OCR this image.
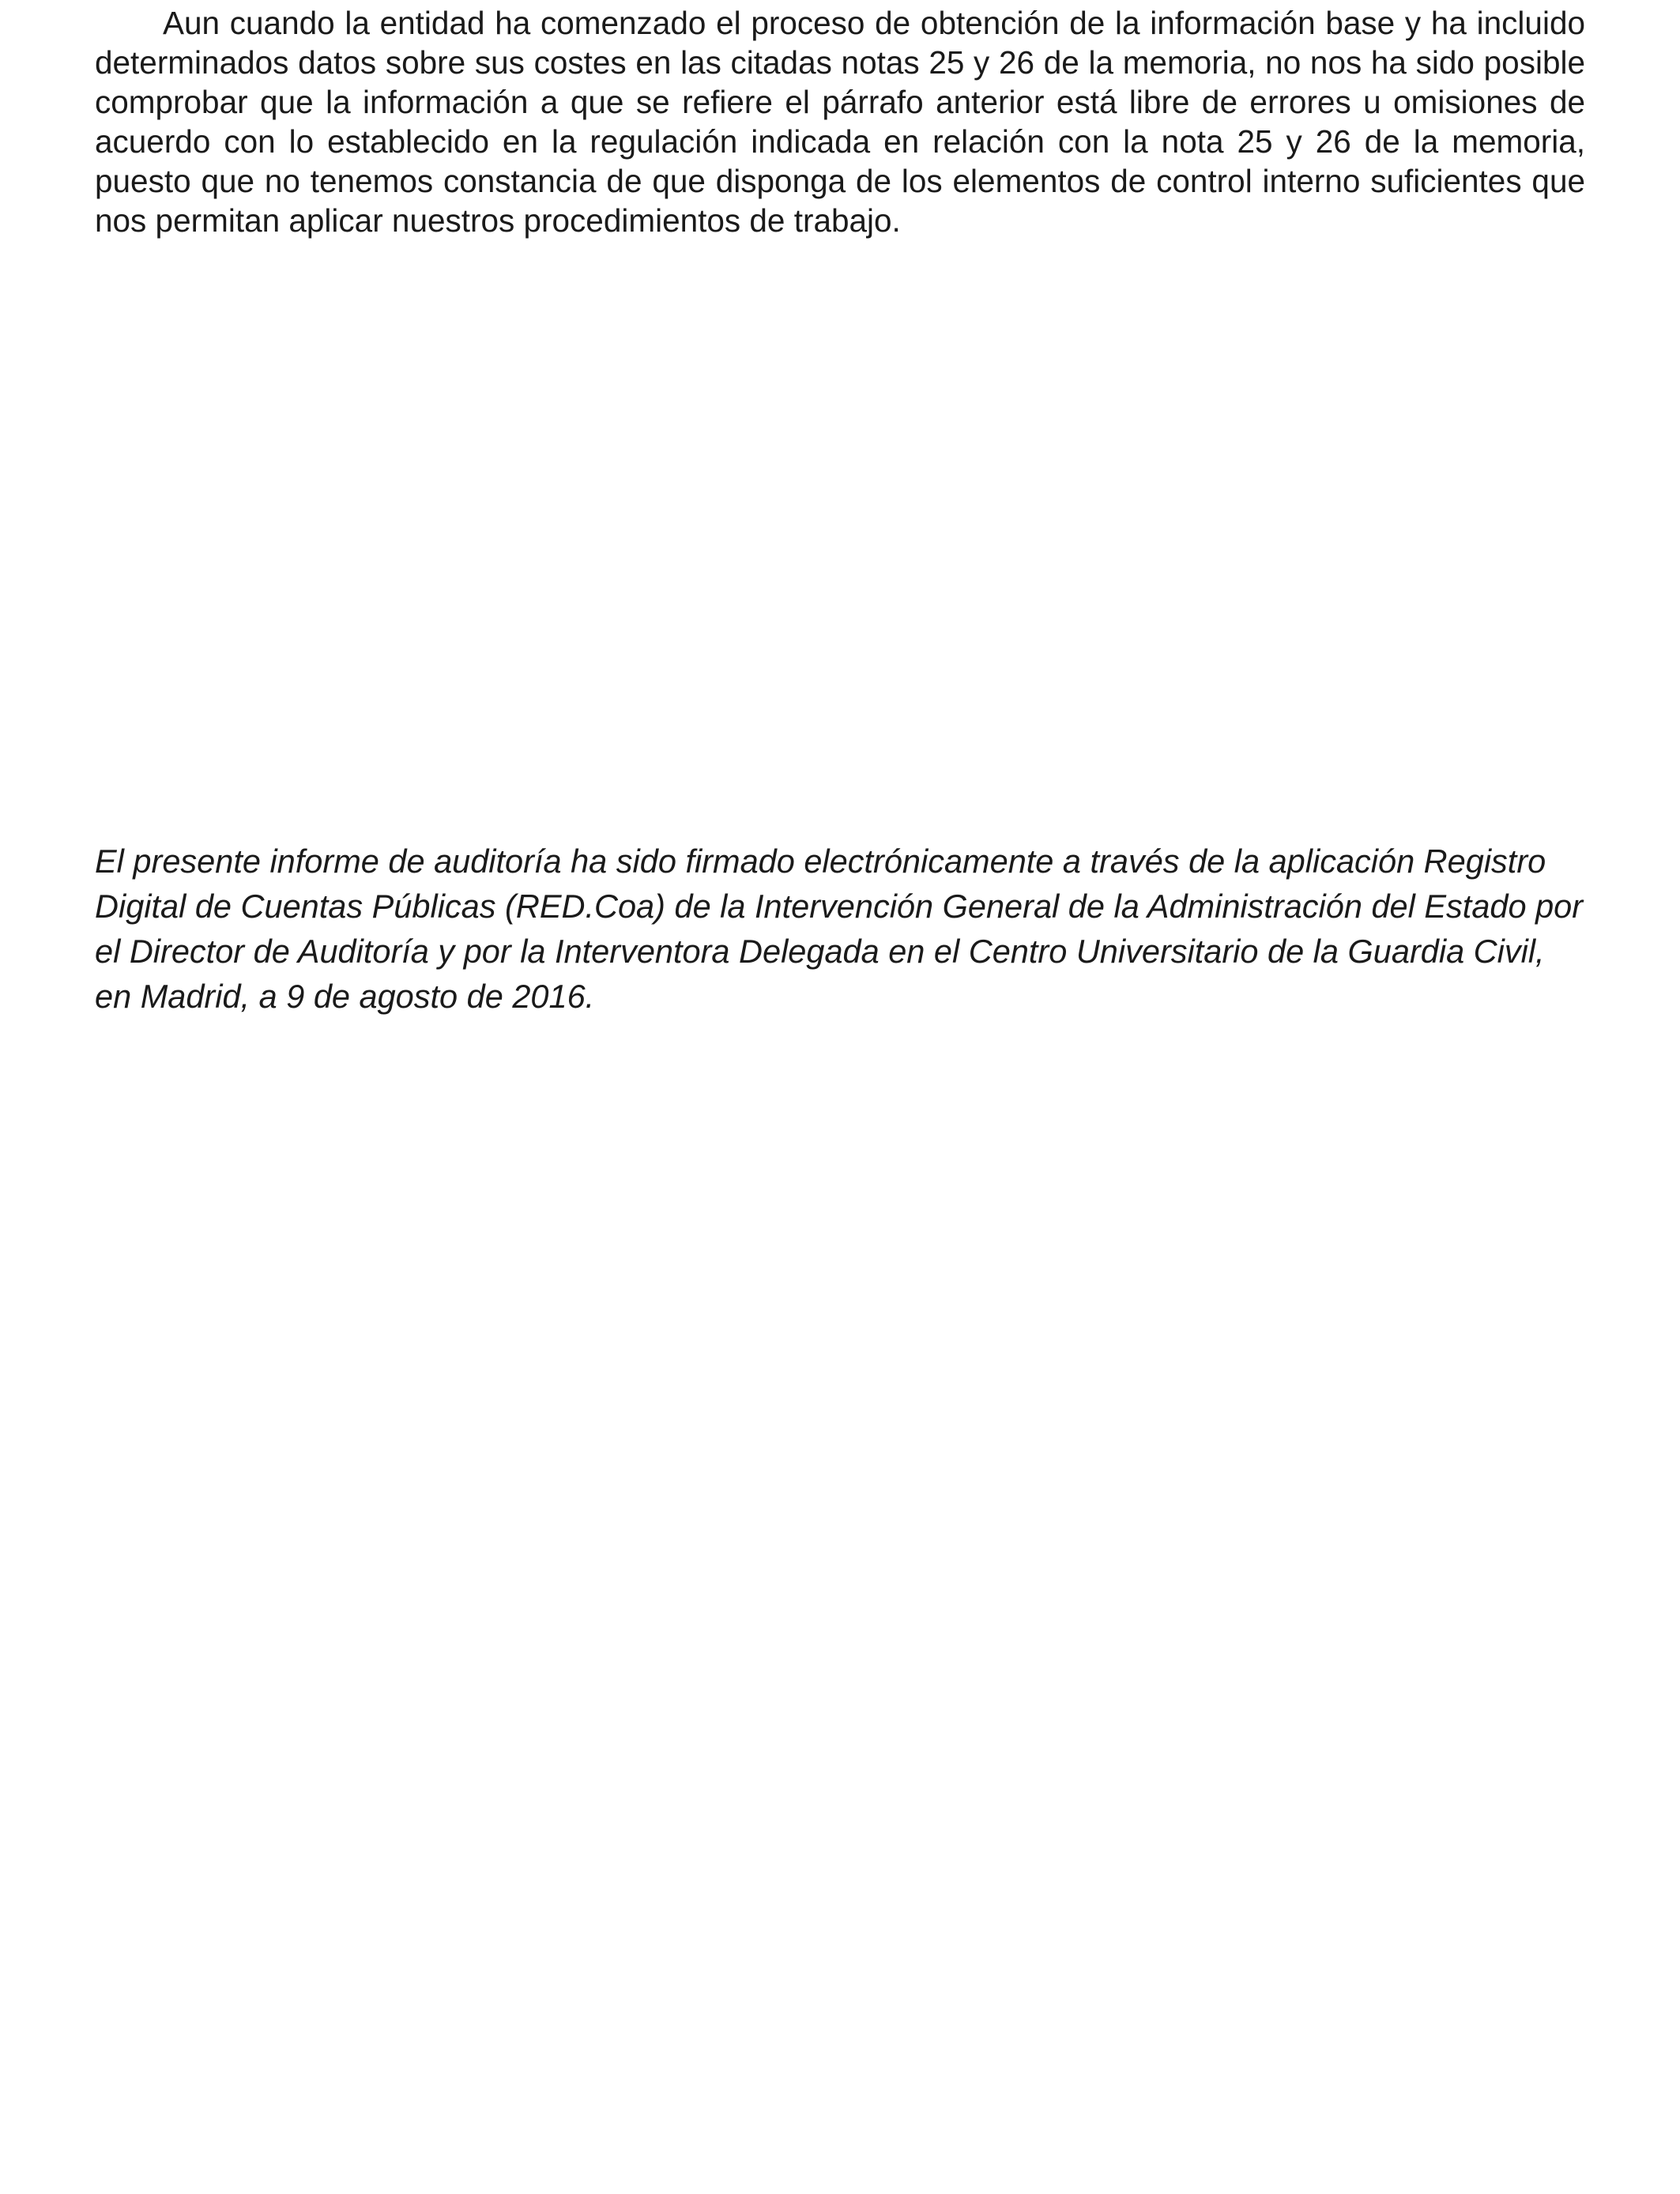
Aun cuando la entidad ha comenzado el proceso de obtención de la información base y ha incluido determinados datos sobre sus costes en las citadas notas 25 y 26 de la memoria, no nos ha sido posible comprobar que la información a que se refiere el párrafo anterior está libre de errores u omisiones de acuerdo con lo establecido en la regulación indicada en relación con la nota 25 y 26 de la memoria, puesto que no tenemos constancia de que disponga de los elementos de control interno suficientes que nos permitan aplicar nuestros procedimientos de trabajo.

El presente informe de auditoría ha sido firmado electrónicamente a través de la aplicación Registro Digital de Cuentas Públicas (RED.Coa) de la Intervención General de la Administración del Estado por el Director de Auditoría y por la Interventora Delegada en el Centro Universitario de la Guardia Civil, en Madrid, a 9 de agosto de 2016.
